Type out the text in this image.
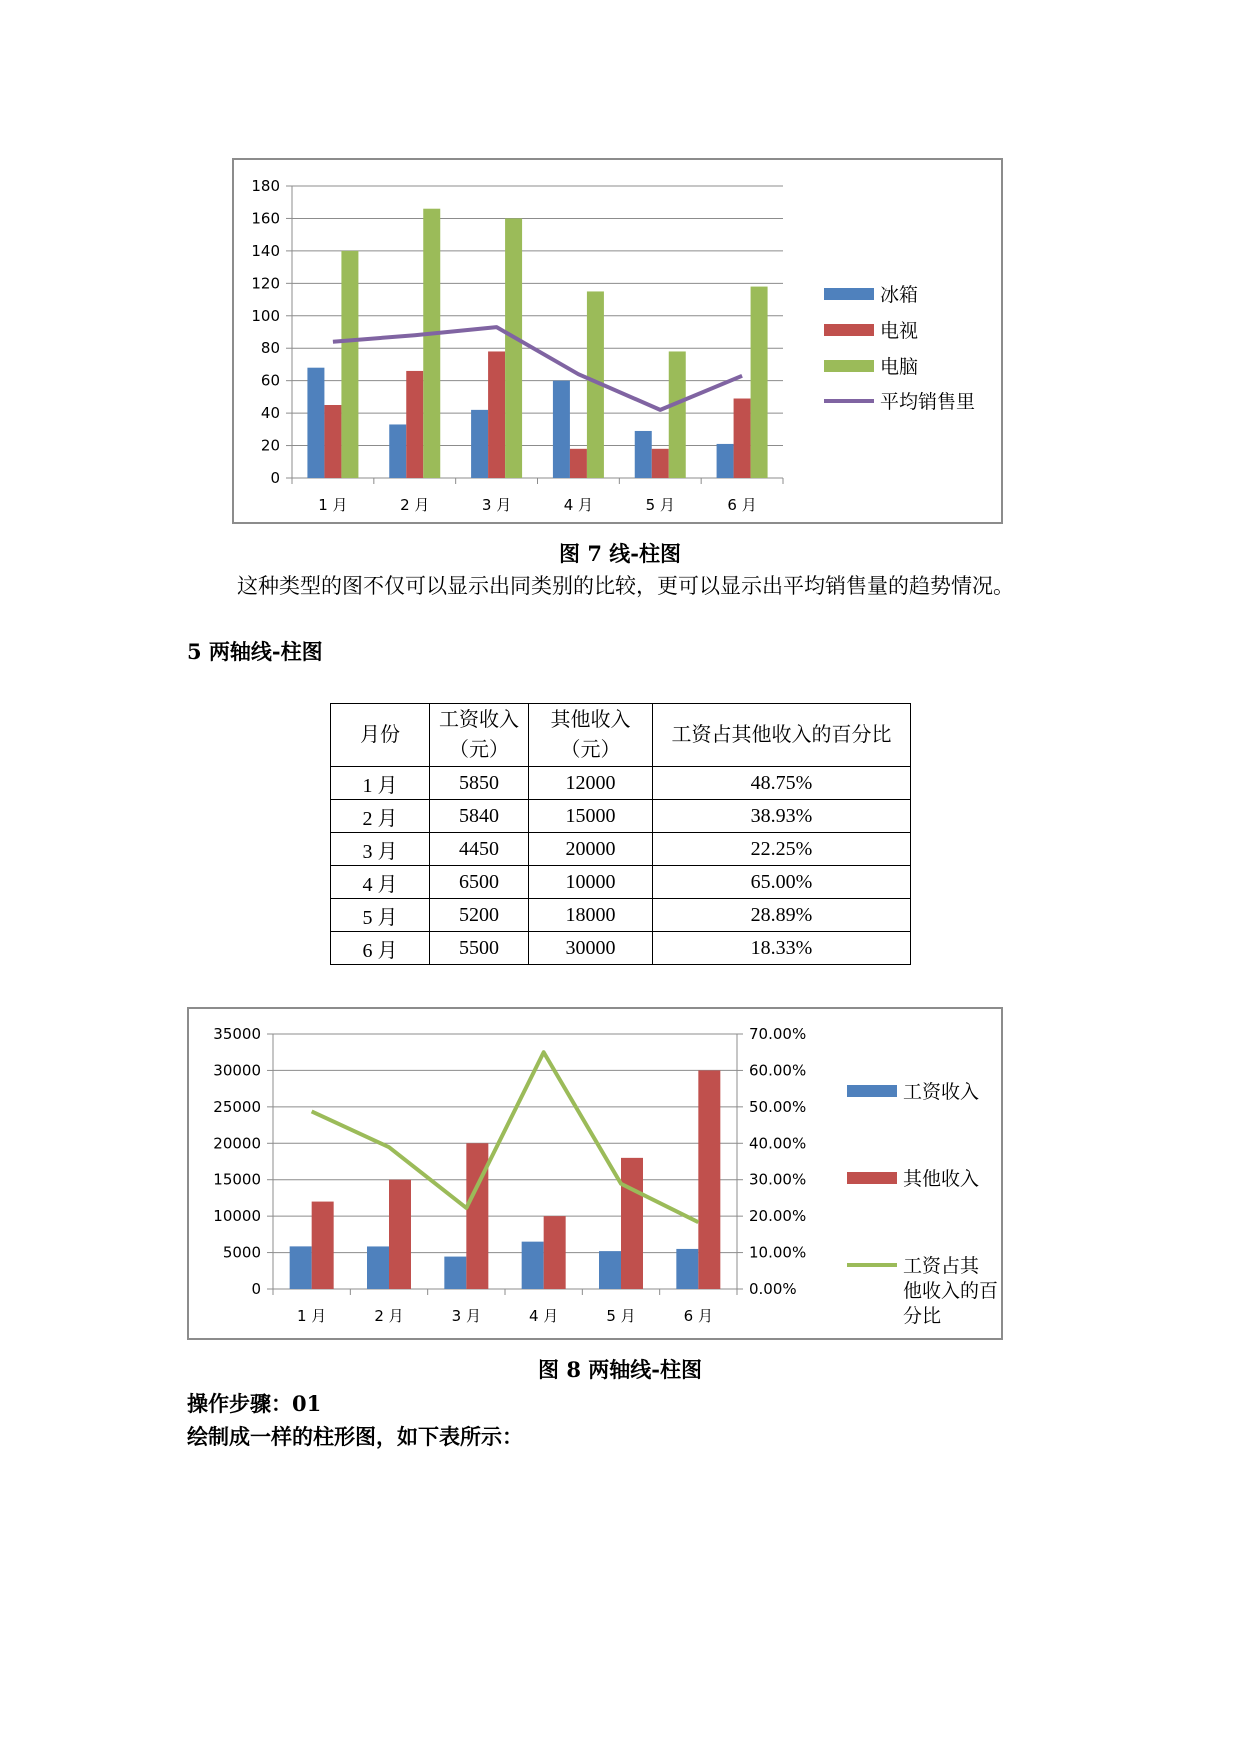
0
20
40
60
80
100
120
140
160
180
1 月	2 月	3 月	4 月	5 月	6 月
冰箱
电视
电脑
平均销售里
图 7 线-柱图
这种类型的图不仅可以显示出同类别的比较，更可以显示出平均销售量的趋势情况。
5 两轴线-柱图
月份	工资收入（元）	其他收入（元）	工资占其他收入的百分比
1 月	5850	12000	48.75%
2 月	5840	15000	38.93%
3 月	4450	20000	22.25%
4 月	6500	10000	65.00%
5 月	5200	18000	28.89%
6 月	5500	30000	18.33%
0
5000
10000
15000
20000
25000
30000
35000
1 月	2 月	3 月	4 月	5 月	6 月
0.00%
10.00%
20.00%
30.00%
40.00%
50.00%
60.00%
70.00%
工资收入
其他收入
工资占其
他收入的百
分比
图 8 两轴线-柱图
操作步骤：01
绘制成一样的柱形图，如下表所示：
